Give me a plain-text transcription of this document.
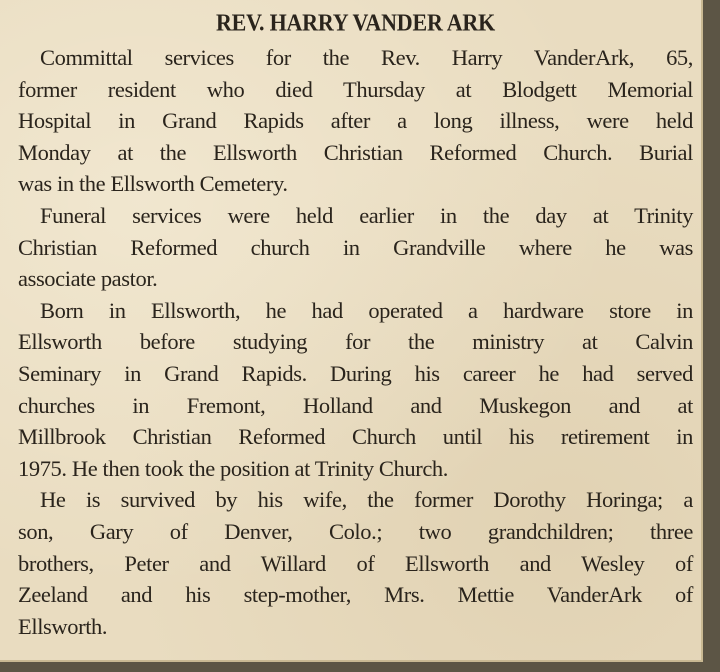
REV. HARRY VANDER ARK
Committal services for the Rev. Harry VanderArk, 65,
former resident who died Thursday at Blodgett Memorial
Hospital in Grand Rapids after a long illness, were held
Monday at the Ellsworth Christian Reformed Church. Burial
was in the Ellsworth Cemetery.
Funeral services were held earlier in the day at Trinity
Christian Reformed church in Grandville where he was
associate pastor.
Born in Ellsworth, he had operated a hardware store in
Ellsworth before studying for the ministry at Calvin
Seminary in Grand Rapids. During his career he had served
churches in Fremont, Holland and Muskegon and at
Millbrook Christian Reformed Church until his retirement in
1975. He then took the position at Trinity Church.
He is survived by his wife, the former Dorothy Horinga; a
son, Gary of Denver, Colo.; two grandchildren; three
brothers, Peter and Willard of Ellsworth and Wesley of
Zeeland and his step-mother, Mrs. Mettie VanderArk of
Ellsworth.
